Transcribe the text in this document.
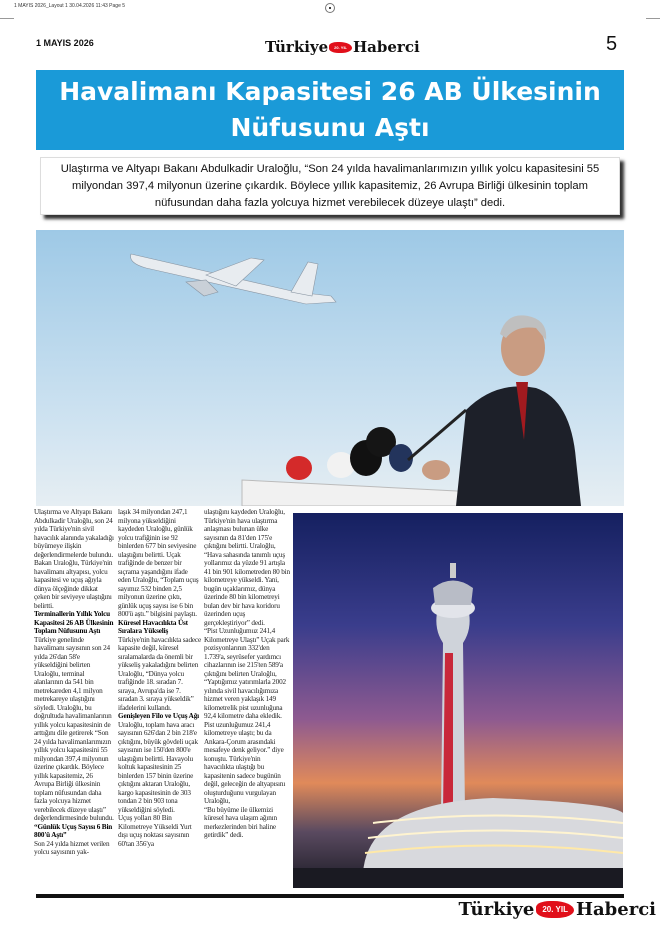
1 MAYIS 2026_Layout 1 30.04.2026 11:43 Page 5
1 MAYIS 2026	Türkiye	20. YIL Haberci	5
Havalimanı Kapasitesi 26 AB Ülkesinin Nüfusunu Aştı
Ulaştırma ve Altyapı Bakanı Abdulkadir Uraloğlu, “Son 24 yılda havalimanlarımızın yıllık yolcu kapasitesini 55 milyondan 397,4 milyonun üzerine çıkardık. Böylece yıllık kapasitemiz, 26 Avrupa Birliği ülkesinin toplam nüfusundan daha fazla yolcuya hizmet verebilecek düzeye ulaştı” dedi.

Ulaştırma ve Altyapı Bakanı Abdulkadir Uraloğlu, son 24 yılda Türkiye'nin sivil havacılık alanında yakaladığı büyümeye ilişkin değerlendirmelerde bulundu. Bakan Uraloğlu, Türkiye'nin havalimanı altyapısı, yolcu kapasitesi ve uçuş ağıyla dünya ölçeğinde dikkat çeken bir seviyeye ulaştığını belirtti.

Terminallerin Yıllık Yolcu Kapasitesi 26 AB Ülkesinin Toplam Nüfusunu Aştı

Türkiye genelinde havalimanı sayısının son 24 yılda 26'dan 58'e yükseldiğini belirten Uraloğlu, terminal alanlarının da 541 bin metrekareden 4,1 milyon metrekareye ulaştığını söyledi. Uraloğlu, bu doğrultuda havalimanlarının yıllık yolcu kapasitesinin de arttığını dile getirerek “Son 24 yılda havalimanlarımızın yıllık yolcu kapasitesini 55 milyondan 397,4 milyonun üzerine çıkardık. Böylece yıllık kapasitemiz, 26 Avrupa Birliği ülkesinin toplam nüfusundan daha fazla yolcuya hizmet verebilecek düzeye ulaştı” değerlendirmesinde bulundu.

“Günlük Uçuş Sayısı 6 Bin 800'ü Aştı”

Son 24 yılda hizmet verilen yolcu sayısının yak-

laşık 34 milyondan 247,1 milyona yükseldiğini kaydeden Uraloğlu, günlük yolcu trafiğinin ise 92 binlerden 677 bin seviyesine ulaştığını belirtti. Uçak trafiğinde de benzer bir sıçrama yaşandığını ifade eden Uraloğlu, “Toplam uçuş sayımız 532 binden 2,5 milyonun üzerine çıktı, günlük uçuş sayısı ise 6 bin 800'ü aştı.” bilgisini paylaştı.

Küresel Havacılıkta Üst Sıralara Yükseliş

Türkiye'nin havacılıkta sadece kapasite değil, küresel sıralamalarda da önemli bir yükseliş yakaladığını belirten Uraloğlu, “Dünya yolcu trafiğinde 18. sıradan 7. sıraya, Avrupa'da ise 7. sıradan 3. sıraya yükseldik” ifadelerini kullandı.

Genişleyen Filo ve Uçuş Ağı

Uraloğlu, toplam hava aracı sayısının 626'dan 2 bin 218'e çıktığını, büyük gövdeli uçak sayısının ise 150'den 800'e ulaştığını belirtti. Havayolu koltuk kapasitesinin 25 binlerden 157 binin üzerine çıktığını aktaran Uraloğlu, kargo kapasitesinin de 303 tondan 2 bin 903 tona yükseldiğini söyledi.

Uçuş yolları 80 Bin Kilometreye Yükseldi Yurt dışı uçuş noktası sayısının 60'tan 356'ya

ulaştığını kaydeden Uraloğlu, Türkiye'nin hava ulaştırma anlaşması bulunan ülke sayısının da 81'den 175'e çıktığını belirtti. Uraloğlu, “Hava sahasında tanımlı uçuş yollarımız da yüzde 91 artışla 41 bin 901 kilometreden 80 bin kilometreye yükseldi. Yani, bugün uçaklarımız, dünya üzerinde 80 bin kilometreyi bulan dev bir hava koridoru üzerinden uçuş gerçekleştiriyor” dedi.

“Pist Uzunluğumuz 241,4 Kilometreye Ulaştı” Uçak park pozisyonlarının 332'den 1.739'a, seyrüsefer yardımcı cihazlarının ise 215'ten 589'a çıktığını belirten Uraloğlu, “Yaptığımız yatırımlarla 2002 yılında sivil havacılığımıza hizmet veren yaklaşık 149 kilometrelik pist uzunluğuna 92,4 kilometre daha ekledik. Pist uzunluğumuz 241,4 kilometreye ulaştı; bu da Ankara-Çorum arasındaki mesafeye denk geliyor.” diye konuştu. Türkiye'nin havacılıkta ulaştığı bu kapasitenin sadece bugünün değil, geleceğin de altyapısını oluşturduğunu vurgulayan Uraloğlu,

“Bu büyüme ile ülkemizi küresel hava ulaşım ağının merkezlerinden biri haline getirdik” dedi.

Türkiye	20. YIL Haberci
